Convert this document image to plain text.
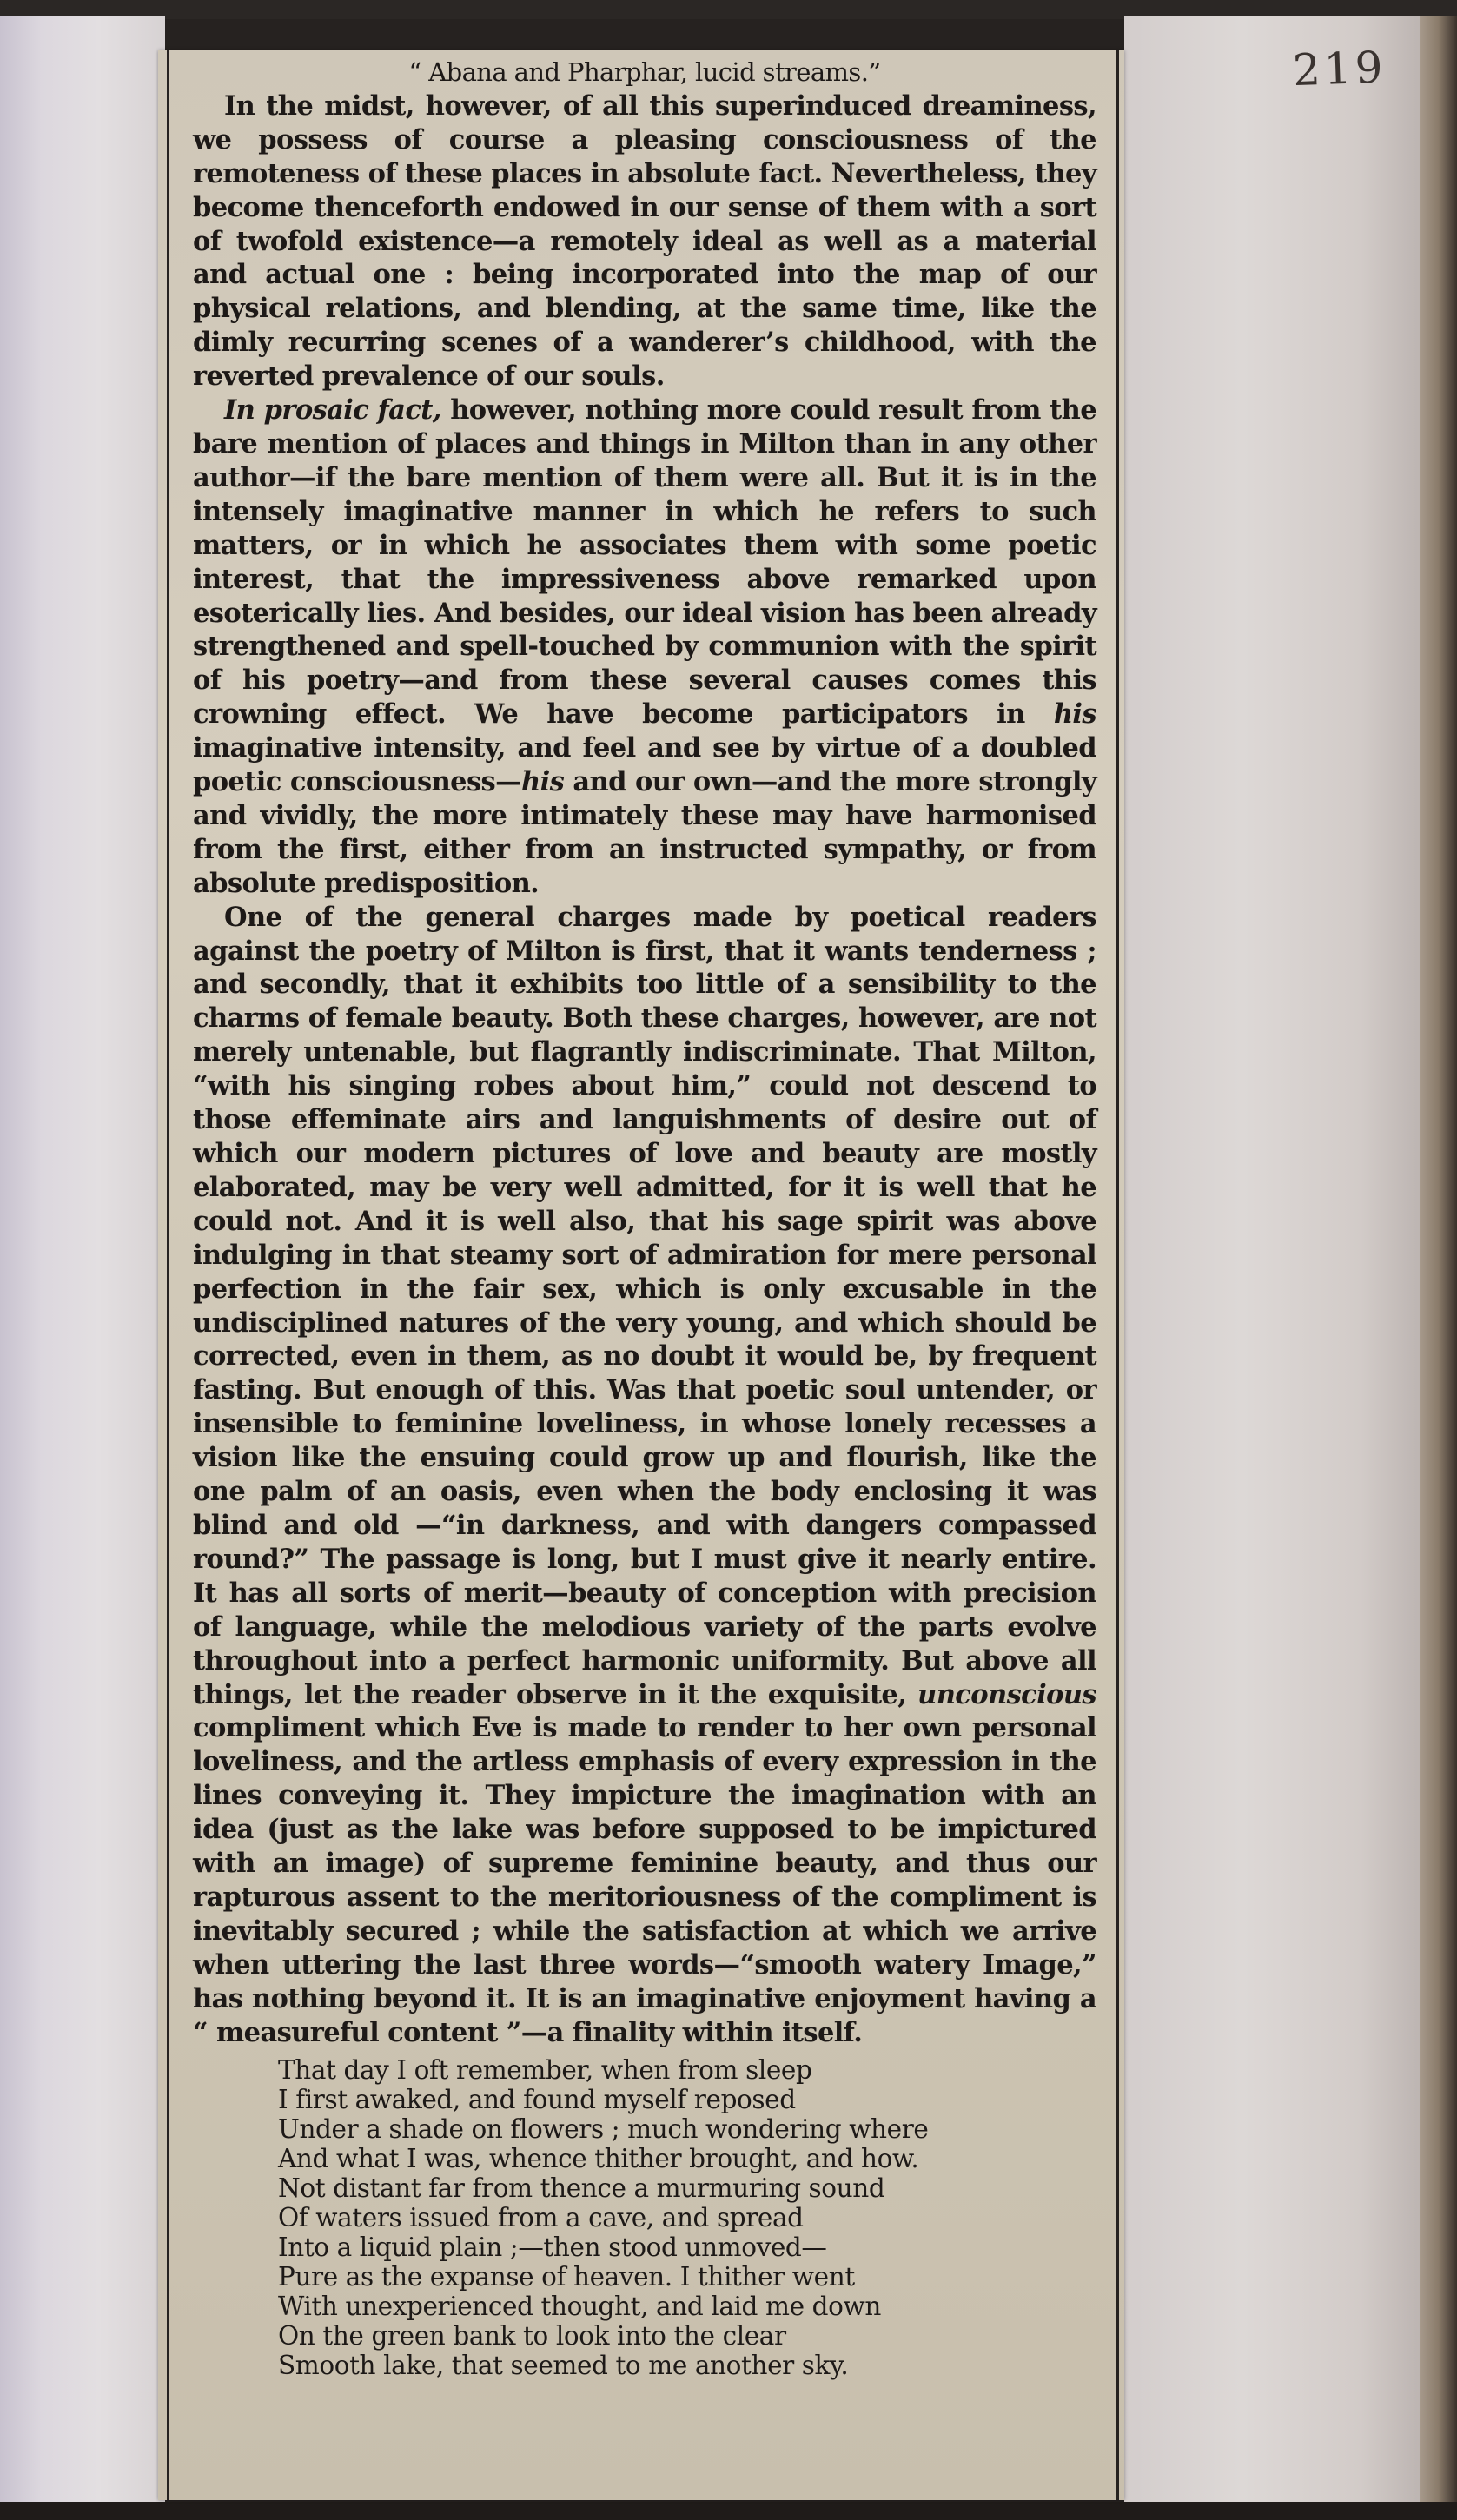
219
“ Abana and Pharphar, lucid streams.”

In the midst, however, of all this superinduced dreaminess, we possess of course a pleasing consciousness of the remoteness of these places in absolute fact. Nevertheless, they become thenceforth endowed in our sense of them with a sort of twofold existence—a remotely ideal as well as a material and actual one : being incorporated into the map of our physical relations, and blending, at the same time, like the dimly recurring scenes of a wanderer’s childhood, with the reverted prevalence of our souls.

In prosaic fact, however, nothing more could result from the bare mention of places and things in Milton than in any other author—if the bare mention of them were all. But it is in the intensely imaginative manner in which he refers to such matters, or in which he associates them with some poetic interest, that the impressiveness above remarked upon esoterically lies. And besides, our ideal vision has been already strengthened and spell-touched by communion with the spirit of his poetry—and from these several causes comes this crowning effect. We have become participators in his imaginative intensity, and feel and see by virtue of a doubled poetic consciousness—his and our own—and the more strongly and vividly, the more intimately these may have harmonised from the first, either from an instructed sympathy, or from absolute predisposition.

One of the general charges made by poetical readers against the poetry of Milton is first, that it wants tenderness ; and secondly, that it exhibits too little of a sensibility to the charms of female beauty. Both these charges, however, are not merely untenable, but flagrantly indiscriminate. That Milton, “with his singing robes about him,” could not descend to those effeminate airs and languishments of desire out of which our modern pictures of love and beauty are mostly elaborated, may be very well admitted, for it is well that he could not. And it is well also, that his sage spirit was above indulging in that steamy sort of admiration for mere personal perfection in the fair sex, which is only excusable in the undisciplined natures of the very young, and which should be corrected, even in them, as no doubt it would be, by frequent fasting. But enough of this. Was that poetic soul untender, or insensible to feminine loveliness, in whose lonely recesses a vision like the ensuing could grow up and flourish, like the one palm of an oasis, even when the body enclosing it was blind and old —“in darkness, and with dangers compassed round?” The passage is long, but I must give it nearly entire. It has all sorts of merit—beauty of conception with precision of language, while the melodious variety of the parts evolve throughout into a perfect harmonic uniformity. But above all things, let the reader observe in it the exquisite, unconscious compliment which Eve is made to render to her own personal loveliness, and the artless emphasis of every expression in the lines conveying it. They impicture the imagination with an idea (just as the lake was before supposed to be impictured with an image) of supreme feminine beauty, and thus our rapturous assent to the meritoriousness of the compliment is inevitably secured ; while the satisfaction at which we arrive when uttering the last three words—“smooth watery Image,” has nothing beyond it. It is an imaginative enjoyment having a “ measureful content ”—a finality within itself.

That day I oft remember, when from sleep
I first awaked, and found myself reposed
Under a shade on flowers ; much wondering where
And what I was, whence thither brought, and how.
Not distant far from thence a murmuring sound
Of waters issued from a cave, and spread
Into a liquid plain ;—then stood unmoved—
Pure as the expanse of heaven. I thither went
With unexperienced thought, and laid me down
On the green bank to look into the clear
Smooth lake, that seemed to me another sky.
